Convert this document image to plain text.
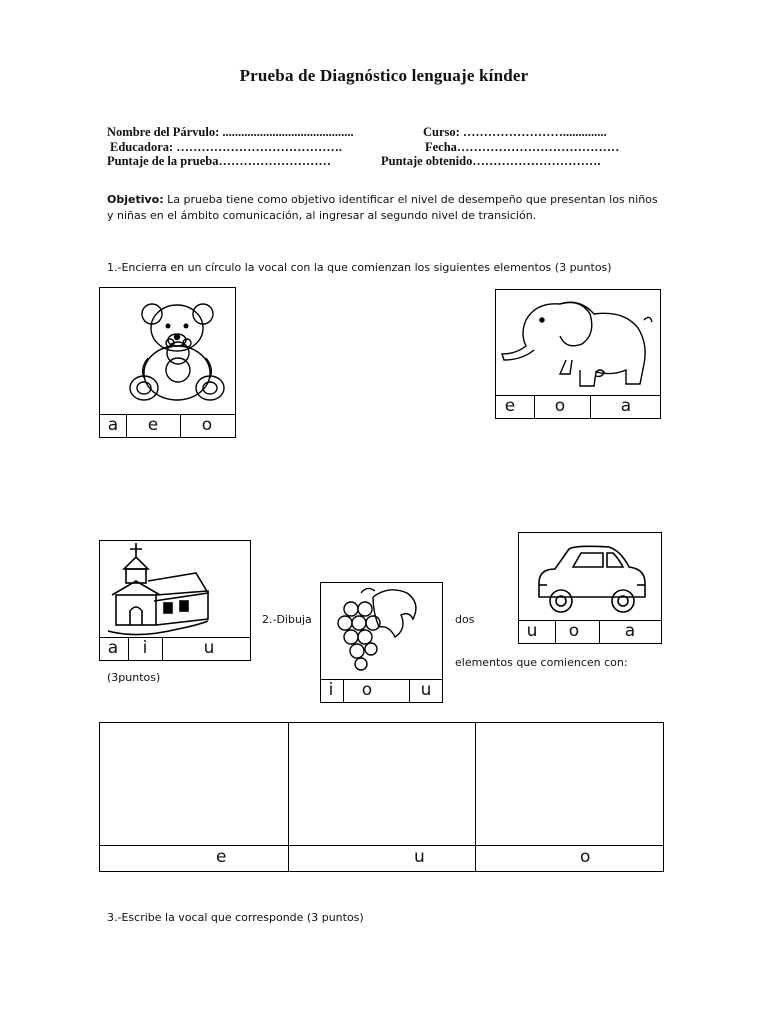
Prueba de Diagnóstico lenguaje kínder
Nombre del Párvulo: ..........................................	Curso: ……………………..............
Educadora: ………………………………….	Fecha…………………………………
Puntaje de la prueba………………………	Puntaje obtenido………………………….
Objetivo: La prueba tiene como objetivo identificar el nivel de desempeño que presentan los niños y niñas en el ámbito comunicación, al ingresar al segundo nivel de transición.
1.-Encierra en un círculo la vocal con la que comienzan los siguientes elementos (3 puntos)
a	e	o
e	o	a
a	i	u
2.-Dibuja	dos
elementos que comiencen con:
(3puntos)
i	o	u
u	o	a
e	u	o
3.-Escribe la vocal que corresponde (3 puntos)
